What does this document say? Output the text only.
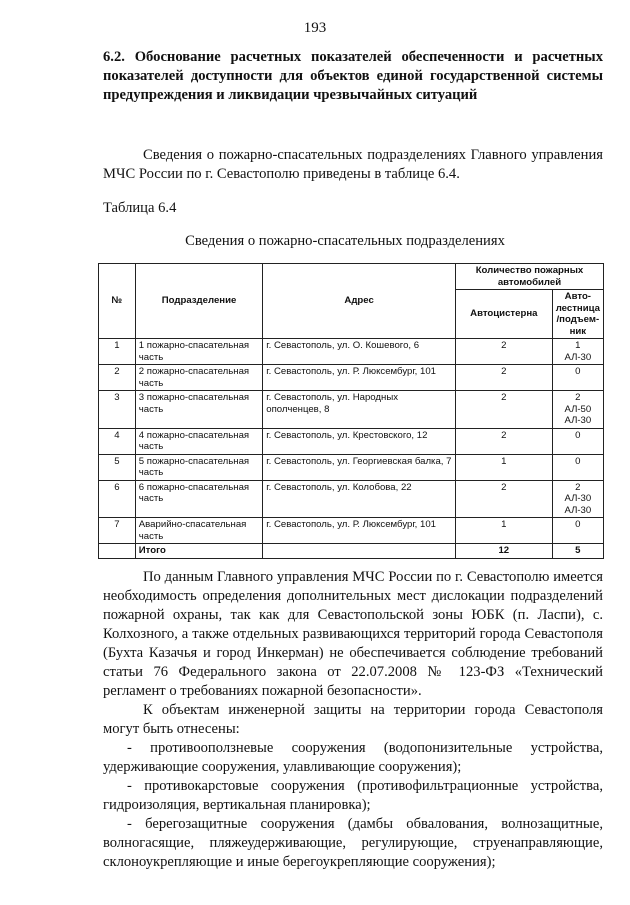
193
6.2. Обоснование расчетных показателей обеспеченности и расчетных показателей доступности для объектов единой государственной системы предупреждения и ликвидации чрезвычайных ситуаций
Сведения о пожарно-спасательных подразделениях Главного управления МЧС России по г. Севастополю приведены в таблице 6.4.
Таблица 6.4
Сведения о пожарно-спасательных подразделениях
№	Подразделение	Адрес	Количество пожарных автомобилей	
			Автоцистерна	Авто-лестница /подъем-ник
1	1 пожарно-спасательная часть	г. Севастополь, ул. О. Кошевого, 6	2	1
АЛ-30
2	2 пожарно-спасательная часть	г. Севастополь, ул. Р. Люксембург, 101	2	0
3	3 пожарно-спасательная часть	г. Севастополь, ул. Народных ополченцев, 8	2	2
АЛ-50
АЛ-30
4	4 пожарно-спасательная часть	г. Севастополь, ул. Крестовского, 12	2	0
5	5 пожарно-спасательная часть	г. Севастополь, ул. Георгиевская балка, 7	1	0
6	6 пожарно-спасательная часть	г. Севастополь, ул. Колобова, 22	2	2
АЛ-30
АЛ-30
7	Аварийно-спасательная часть	г. Севастополь, ул. Р. Люксембург, 101	1	0
	Итого		12	5

По данным Главного управления МЧС России по г. Севастополю имеется необходимость определения дополнительных мест дислокации подразделений пожарной охраны, так как для Севастопольской зоны ЮБК (п. Ласпи), с. Колхозного, а также отдельных развивающихся территорий города Севастополя (Бухта Казачья и город Инкерман) не обеспечивается соблюдение требований статьи 76 Федерального закона от 22.07.2008 № 123-ФЗ «Технический регламент о требованиях пожарной безопасности».

К объектам инженерной защиты на территории города Севастополя могут быть отнесены:

- противооползневые сооружения (водопонизительные устройства, удерживающие сооружения, улавливающие сооружения);

- противокарстовые сооружения (противофильтрационные устройства, гидроизоляция, вертикальная планировка);

- берегозащитные сооружения (дамбы обвалования, волнозащитные, волногасящие, пляжеудерживающие, регулирующие, струенаправляющие, склоноукрепляющие и иные берегоукрепляющие сооружения);
